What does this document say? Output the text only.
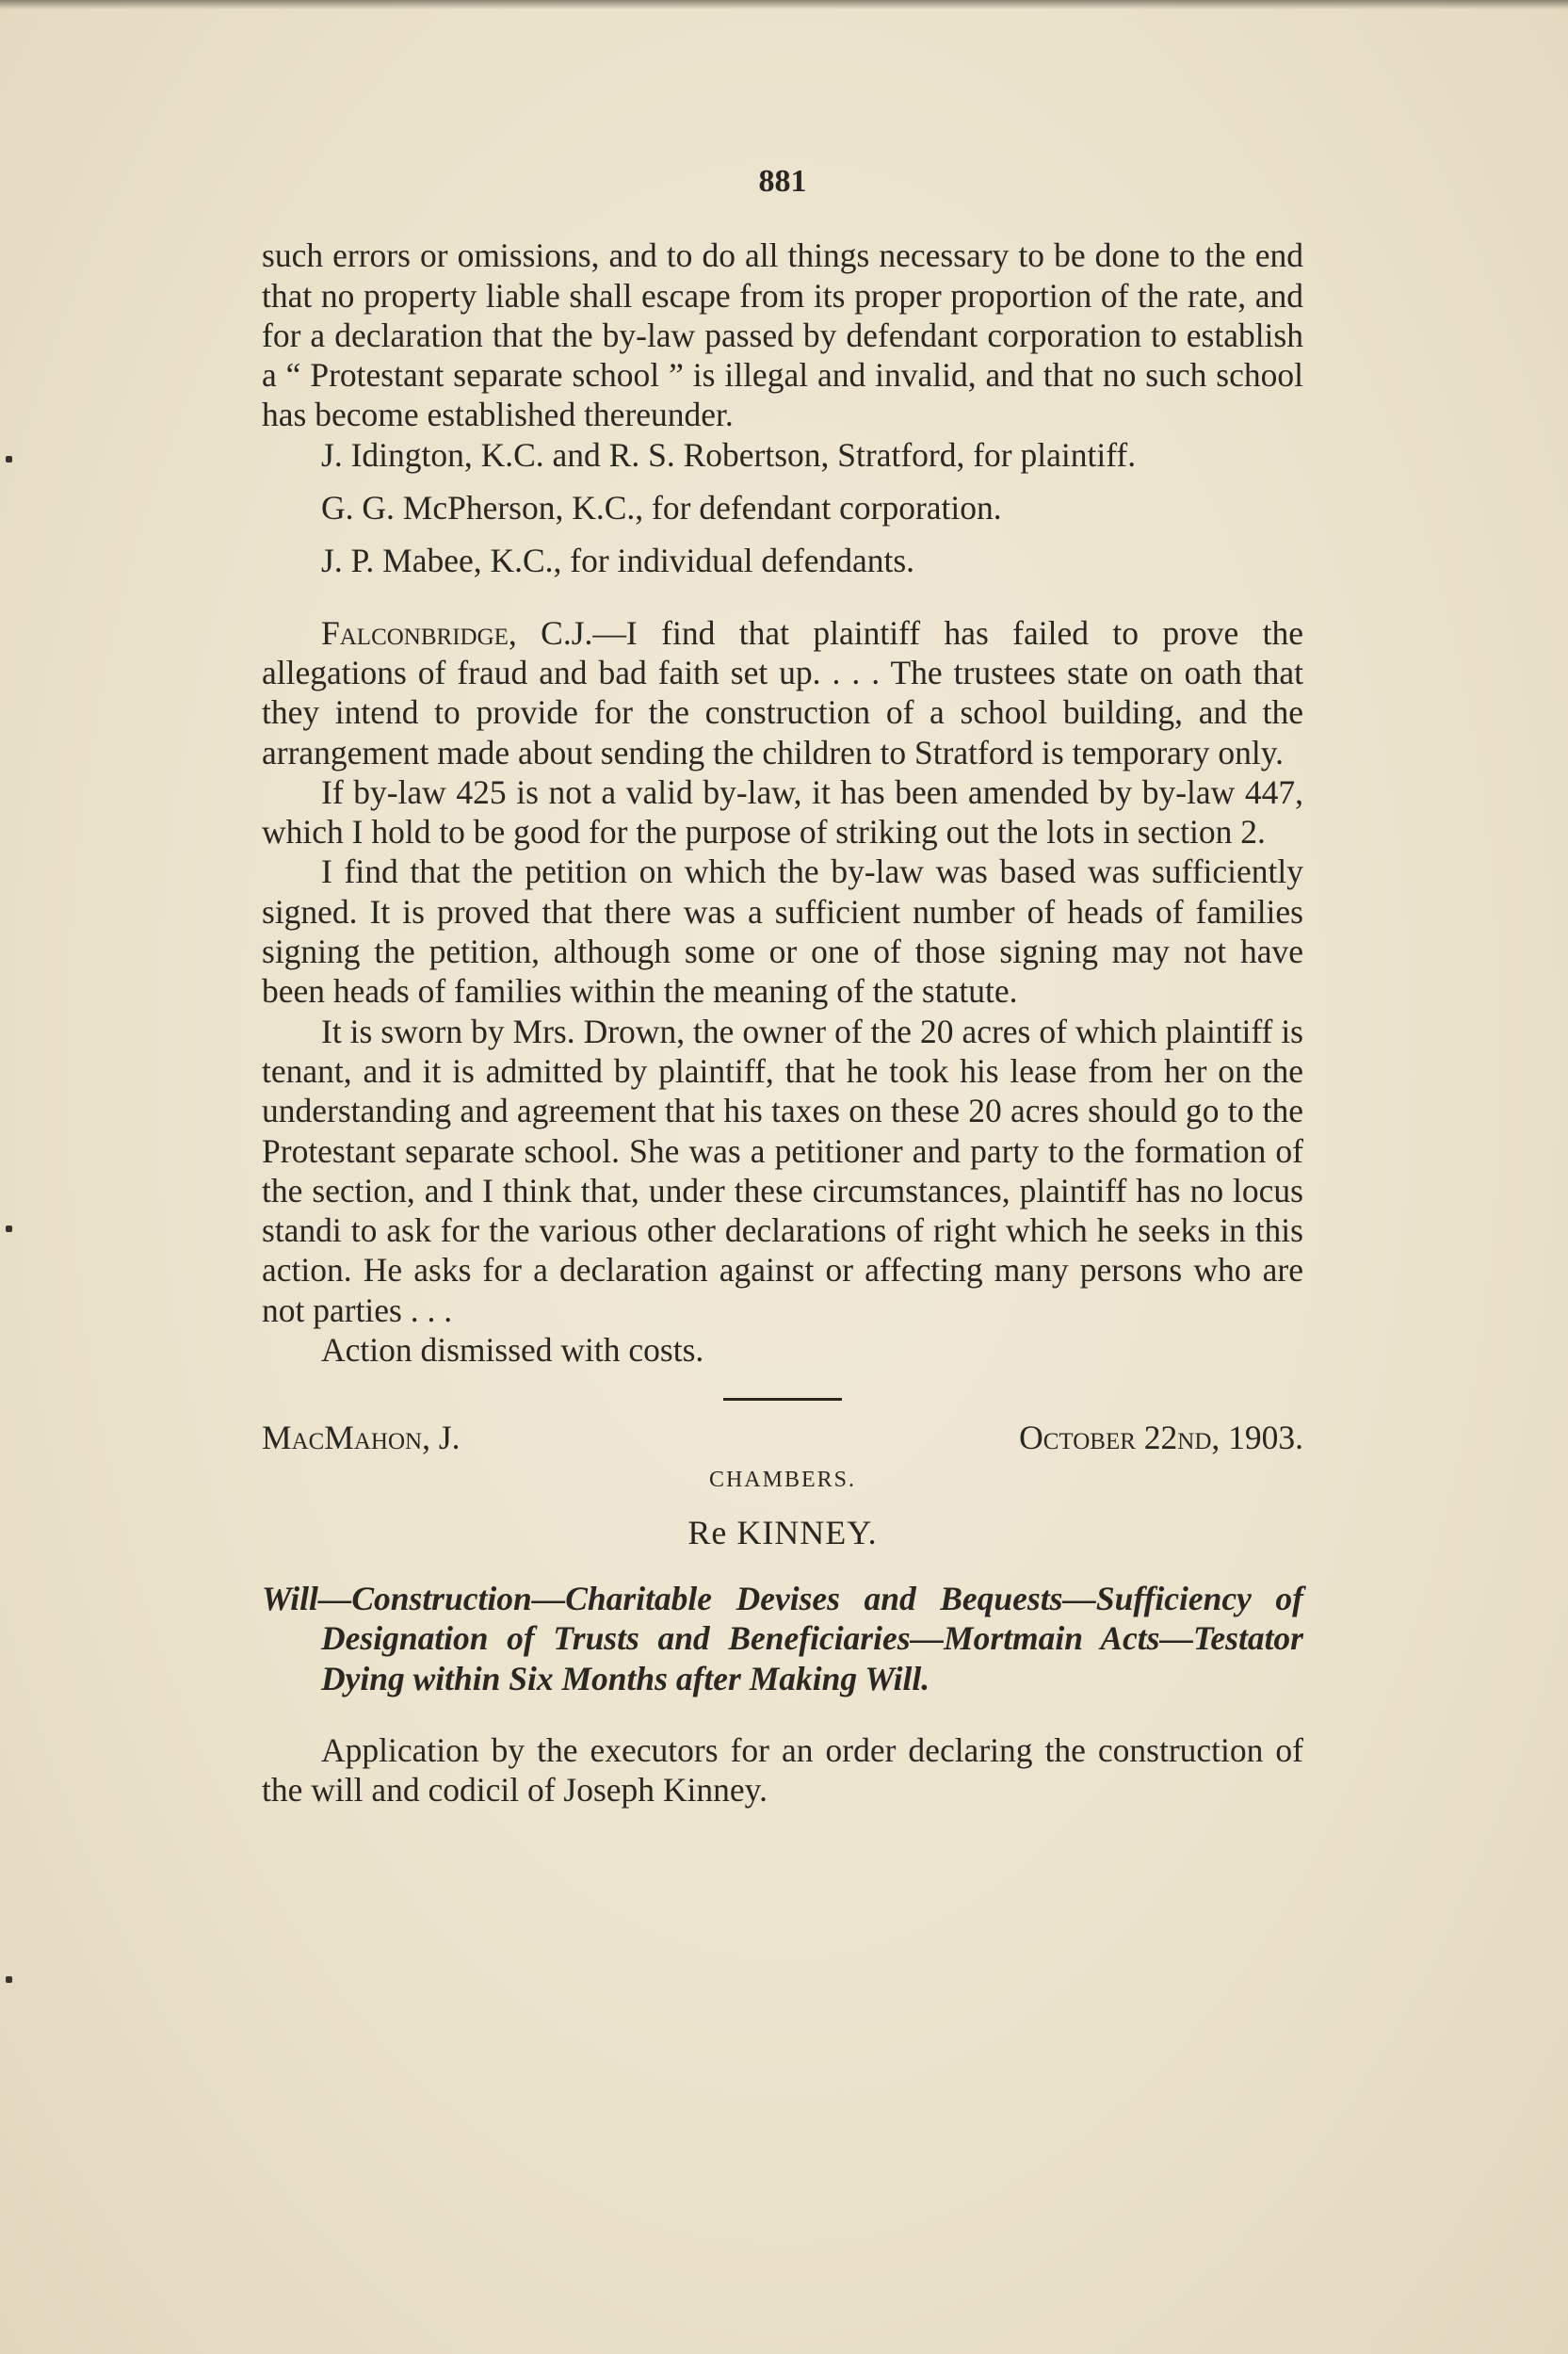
881

such errors or omissions, and to do all things necessary to be done to the end that no property liable shall escape from its proper proportion of the rate, and for a declaration that the by-law passed by defendant corporation to establish a “ Protestant separate school ” is illegal and invalid, and that no such school has become established thereunder.

J. Idington, K.C. and R. S. Robertson, Stratford, for plaintiff.

G. G. McPherson, K.C., for defendant corporation.

J. P. Mabee, K.C., for individual defendants.

Falconbridge, C.J.—I find that plaintiff has failed to prove the allegations of fraud and bad faith set up. . . . The trustees state on oath that they intend to provide for the construction of a school building, and the arrangement made about sending the children to Stratford is temporary only.

If by-law 425 is not a valid by-law, it has been amended by by-law 447, which I hold to be good for the purpose of striking out the lots in section 2.

I find that the petition on which the by-law was based was sufficiently signed. It is proved that there was a sufficient number of heads of families signing the petition, although some or one of those signing may not have been heads of families within the meaning of the statute.

It is sworn by Mrs. Drown, the owner of the 20 acres of which plaintiff is tenant, and it is admitted by plaintiff, that he took his lease from her on the understanding and agreement that his taxes on these 20 acres should go to the Protestant separate school. She was a petitioner and party to the formation of the section, and I think that, under these circumstances, plaintiff has no locus standi to ask for the various other declarations of right which he seeks in this action. He asks for a declaration against or affecting many persons who are not parties . . .

Action dismissed with costs.

MacMahon, J.	October 22nd, 1903.

CHAMBERS.

Re KINNEY.

Will—Construction—Charitable Devises and Bequests—Sufficiency of Designation of Trusts and Beneficiaries—Mortmain Acts—Testator Dying within Six Months after Making Will.

Application by the executors for an order declaring the construction of the will and codicil of Joseph Kinney.
